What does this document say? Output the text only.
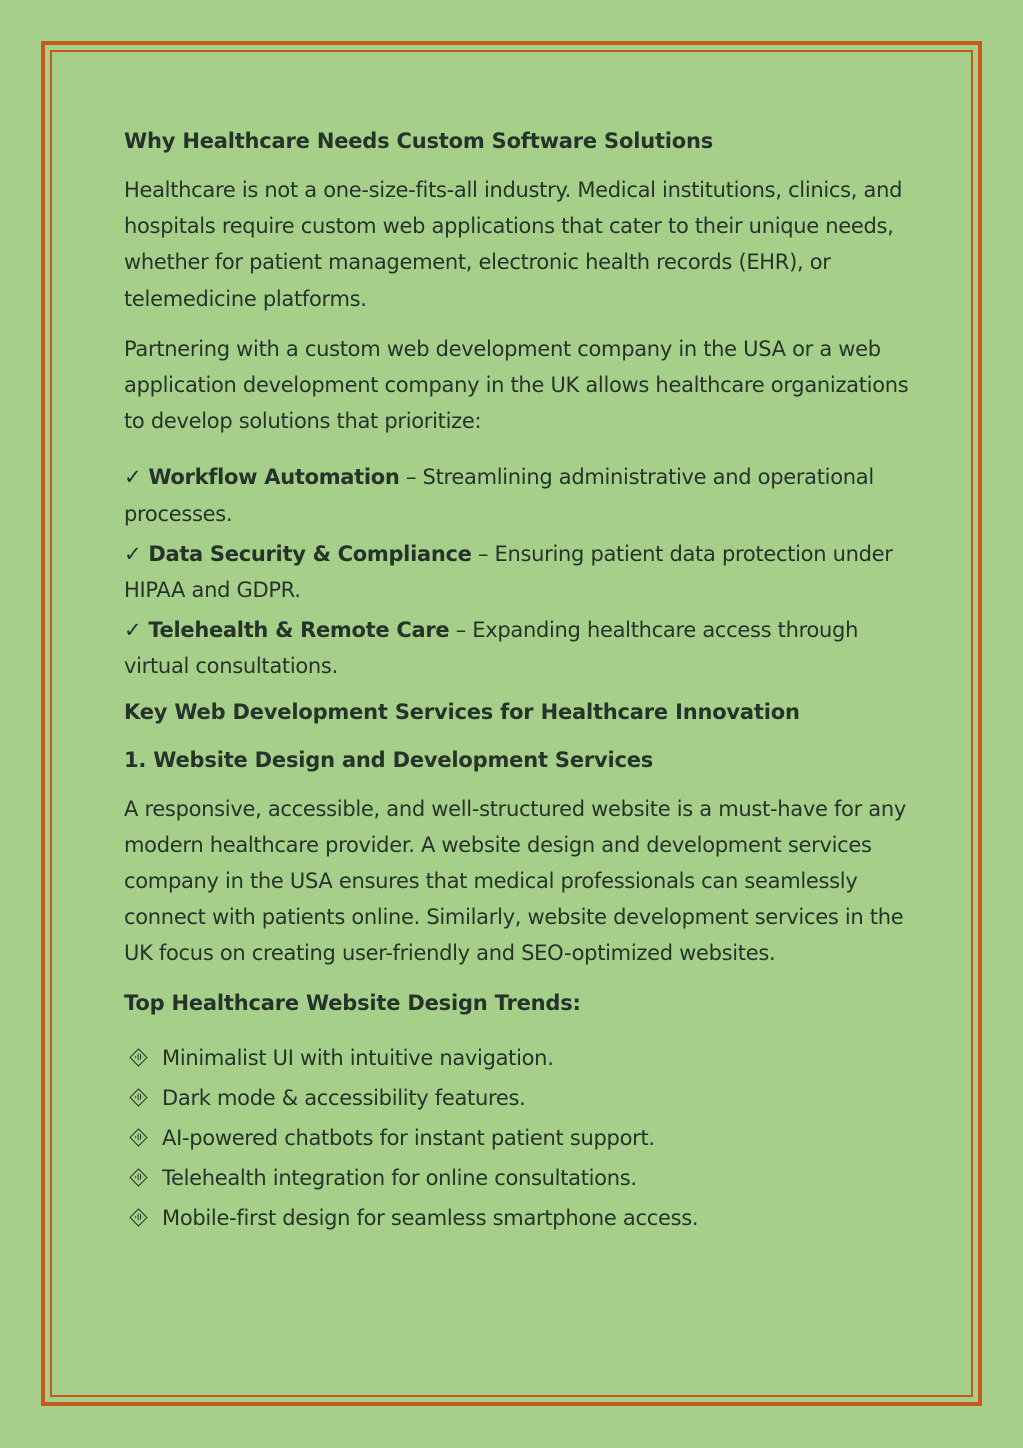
Why Healthcare Needs Custom Software Solutions

Healthcare is not a one-size-fits-all industry. Medical institutions, clinics, and hospitals require custom web applications that cater to their unique needs, whether for patient management, electronic health records (EHR), or telemedicine platforms.

Partnering with a custom web development company in the USA or a web application development company in the UK allows healthcare organizations to develop solutions that prioritize:

✓ Workflow Automation – Streamlining administrative and operational processes.
✓ Data Security & Compliance – Ensuring patient data protection under HIPAA and GDPR.
✓ Telehealth & Remote Care – Expanding healthcare access through virtual consultations.
Key Web Development Services for Healthcare Innovation
1. Website Design and Development Services

A responsive, accessible, and well-structured website is a must-have for any modern healthcare provider. A website design and development services company in the USA ensures that medical professionals can seamlessly connect with patients online. Similarly, website development services in the UK focus on creating user-friendly and SEO-optimized websites.

Top Healthcare Website Design Trends:
Minimalist UI with intuitive navigation.
Dark mode & accessibility features.
AI-powered chatbots for instant patient support.
Telehealth integration for online consultations.
Mobile-first design for seamless smartphone access.
